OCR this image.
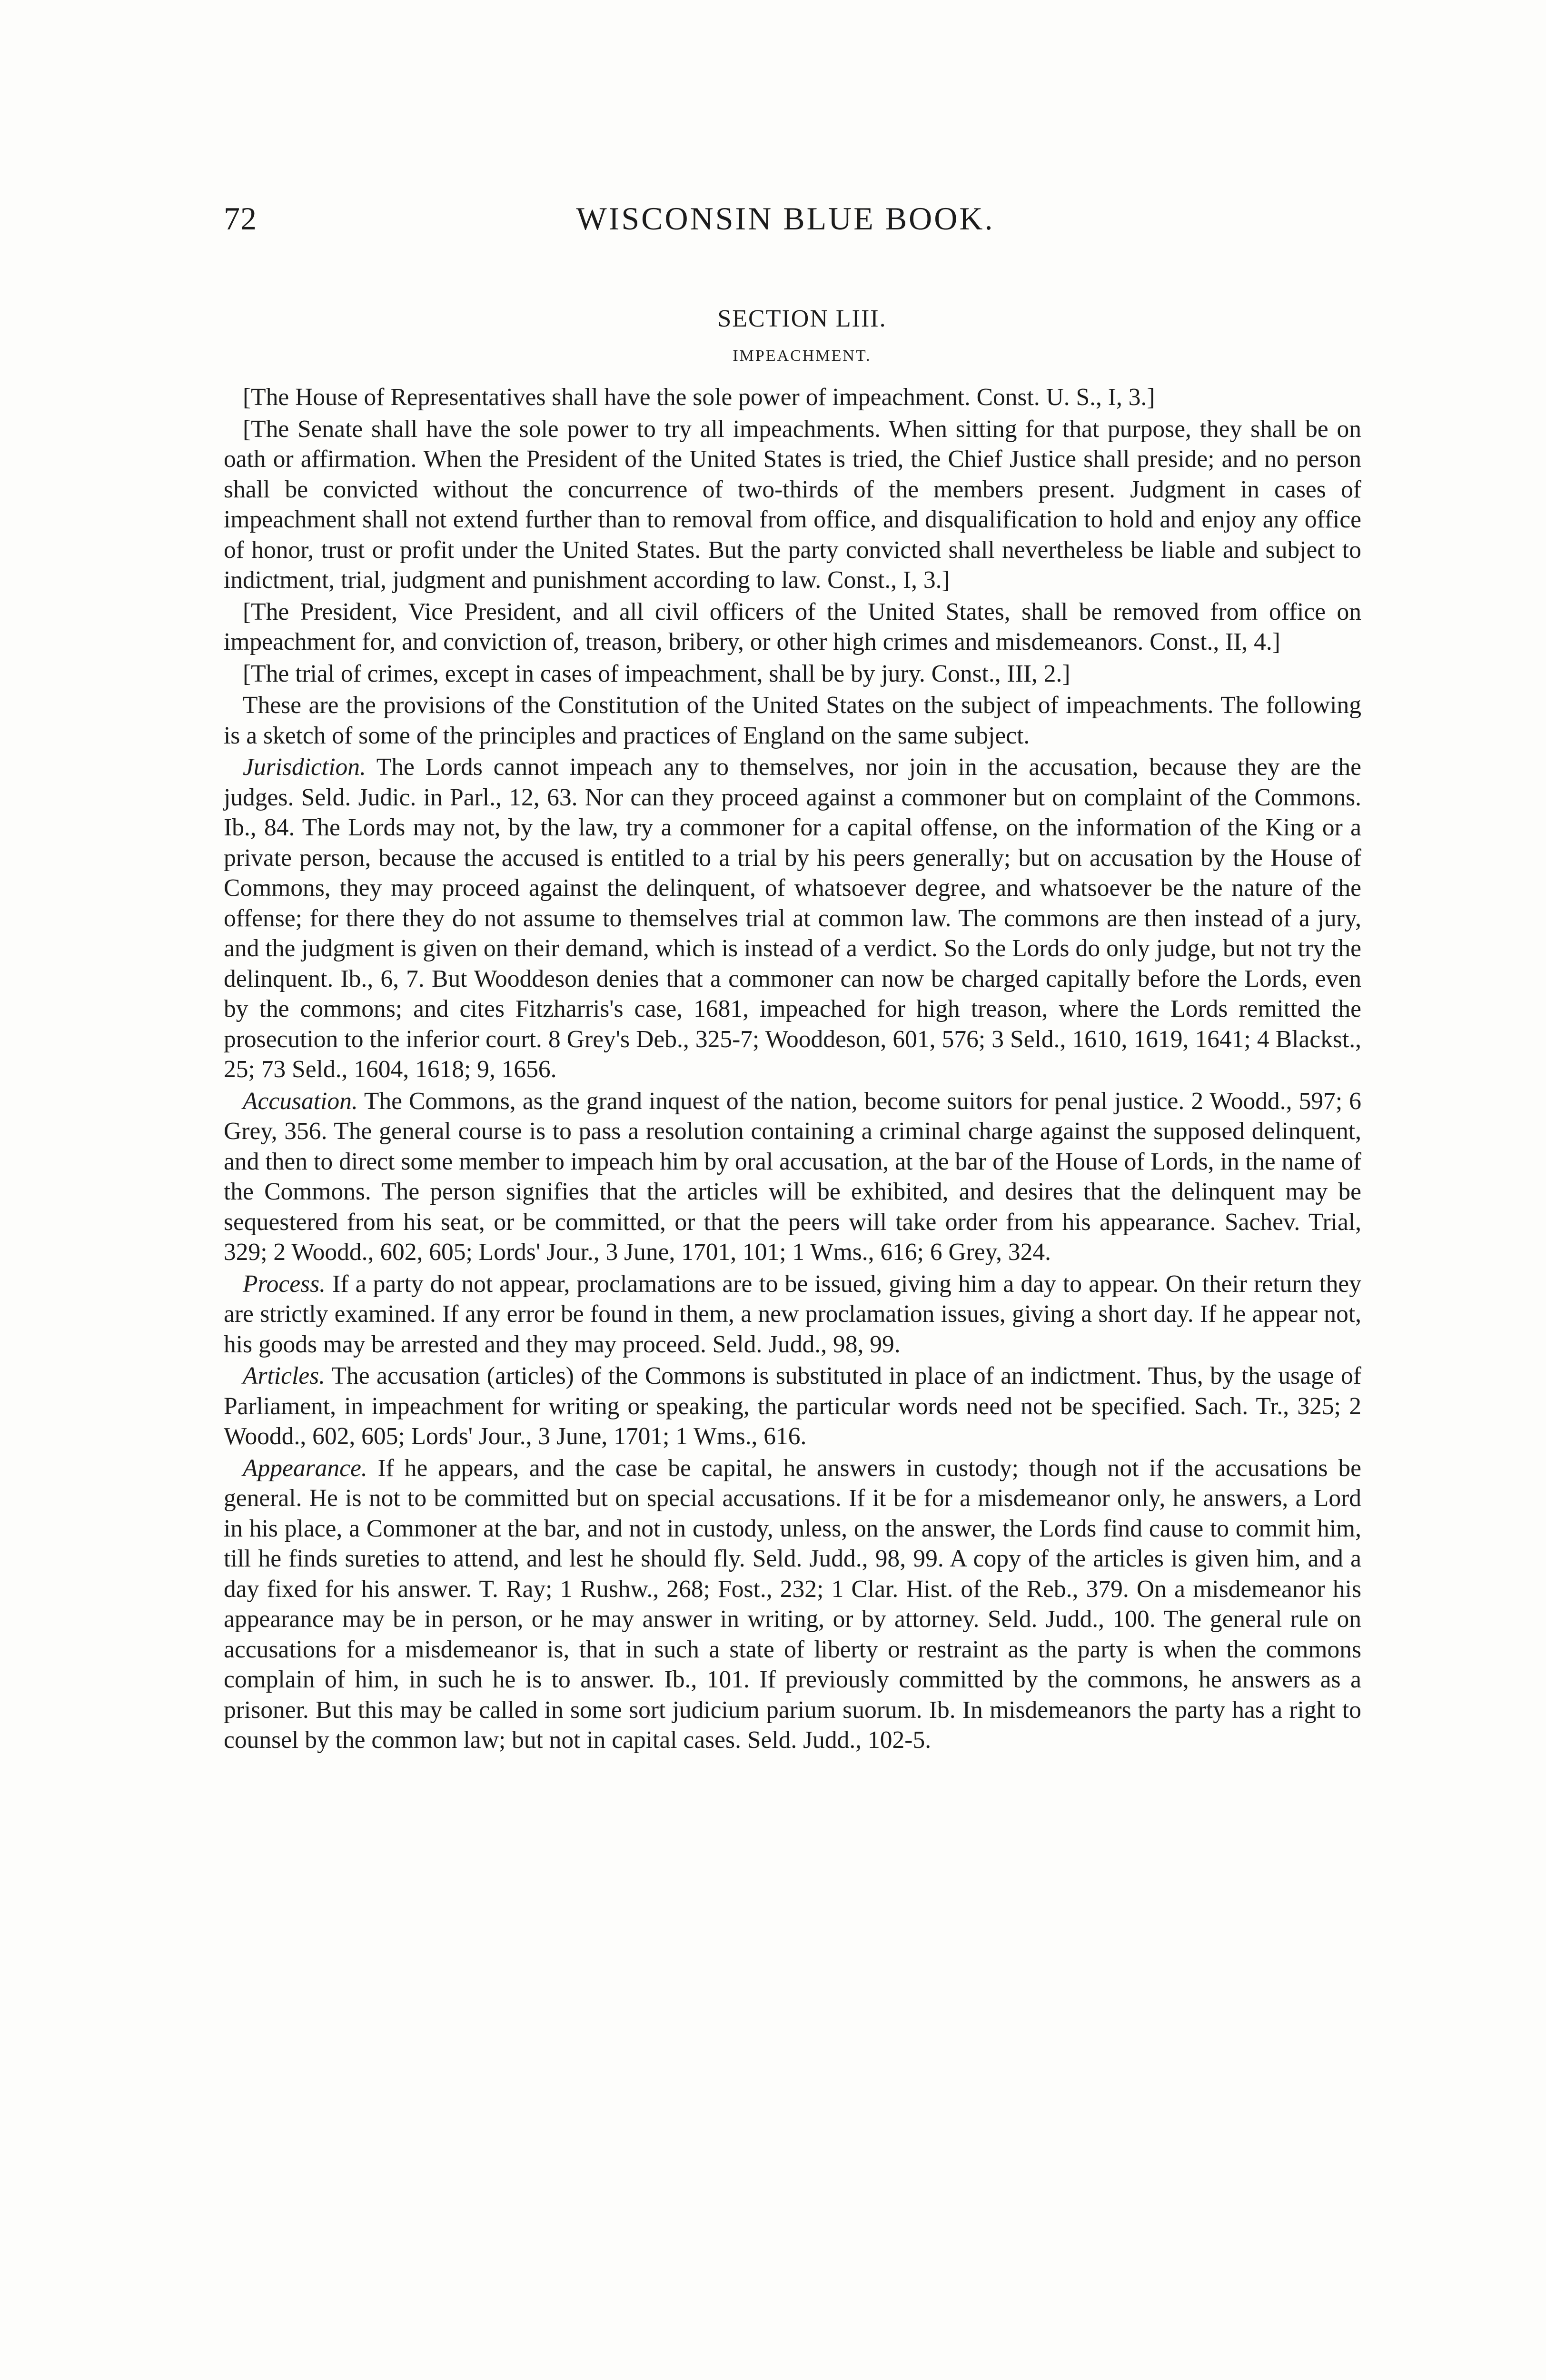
72	WISCONSIN BLUE BOOK.
SECTION LIII.
IMPEACHMENT.

[The House of Representatives shall have the sole power of impeachment. Const. U. S., I, 3.]

[The Senate shall have the sole power to try all impeachments. When sitting for that purpose, they shall be on oath or affirmation. When the President of the United States is tried, the Chief Justice shall preside; and no person shall be convicted without the concurrence of two-thirds of the members present. Judgment in cases of impeachment shall not extend further than to removal from office, and disqualification to hold and enjoy any office of honor, trust or profit under the United States. But the party convicted shall nevertheless be liable and subject to indictment, trial, judgment and punishment according to law. Const., I, 3.]

[The President, Vice President, and all civil officers of the United States, shall be removed from office on impeachment for, and conviction of, treason, bribery, or other high crimes and misdemeanors. Const., II, 4.]

[The trial of crimes, except in cases of impeachment, shall be by jury. Const., III, 2.]

These are the provisions of the Constitution of the United States on the subject of impeachments. The following is a sketch of some of the principles and practices of England on the same subject.

Jurisdiction. The Lords cannot impeach any to themselves, nor join in the accusation, because they are the judges. Seld. Judic. in Parl., 12, 63. Nor can they proceed against a commoner but on complaint of the Commons. Ib., 84. The Lords may not, by the law, try a commoner for a capital offense, on the information of the King or a private person, because the accused is entitled to a trial by his peers generally; but on accusation by the House of Commons, they may proceed against the delinquent, of whatsoever degree, and whatsoever be the nature of the offense; for there they do not assume to themselves trial at common law. The commons are then instead of a jury, and the judgment is given on their demand, which is instead of a verdict. So the Lords do only judge, but not try the delinquent. Ib., 6, 7. But Wooddeson denies that a commoner can now be charged capitally before the Lords, even by the commons; and cites Fitzharris's case, 1681, impeached for high treason, where the Lords remitted the prosecution to the inferior court. 8 Grey's Deb., 325-7; Wooddeson, 601, 576; 3 Seld., 1610, 1619, 1641; 4 Blackst., 25; 73 Seld., 1604, 1618; 9, 1656.

Accusation. The Commons, as the grand inquest of the nation, become suitors for penal justice. 2 Woodd., 597; 6 Grey, 356. The general course is to pass a resolution containing a criminal charge against the supposed delinquent, and then to direct some member to impeach him by oral accusation, at the bar of the House of Lords, in the name of the Commons. The person signifies that the articles will be exhibited, and desires that the delinquent may be sequestered from his seat, or be committed, or that the peers will take order from his appearance. Sachev. Trial, 329; 2 Woodd., 602, 605; Lords' Jour., 3 June, 1701, 101; 1 Wms., 616; 6 Grey, 324.

Process. If a party do not appear, proclamations are to be issued, giving him a day to appear. On their return they are strictly examined. If any error be found in them, a new proclamation issues, giving a short day. If he appear not, his goods may be arrested and they may proceed. Seld. Judd., 98, 99.

Articles. The accusation (articles) of the Commons is substituted in place of an indictment. Thus, by the usage of Parliament, in impeachment for writing or speaking, the particular words need not be specified. Sach. Tr., 325; 2 Woodd., 602, 605; Lords' Jour., 3 June, 1701; 1 Wms., 616.

Appearance. If he appears, and the case be capital, he answers in custody; though not if the accusations be general. He is not to be committed but on special accusations. If it be for a misdemeanor only, he answers, a Lord in his place, a Commoner at the bar, and not in custody, unless, on the answer, the Lords find cause to commit him, till he finds sureties to attend, and lest he should fly. Seld. Judd., 98, 99. A copy of the articles is given him, and a day fixed for his answer. T. Ray; 1 Rushw., 268; Fost., 232; 1 Clar. Hist. of the Reb., 379. On a misdemeanor his appearance may be in person, or he may answer in writing, or by attorney. Seld. Judd., 100. The general rule on accusations for a misdemeanor is, that in such a state of liberty or restraint as the party is when the commons complain of him, in such he is to answer. Ib., 101. If previously committed by the commons, he answers as a prisoner. But this may be called in some sort judicium parium suorum. Ib. In misdemeanors the party has a right to counsel by the common law; but not in capital cases. Seld. Judd., 102-5.
